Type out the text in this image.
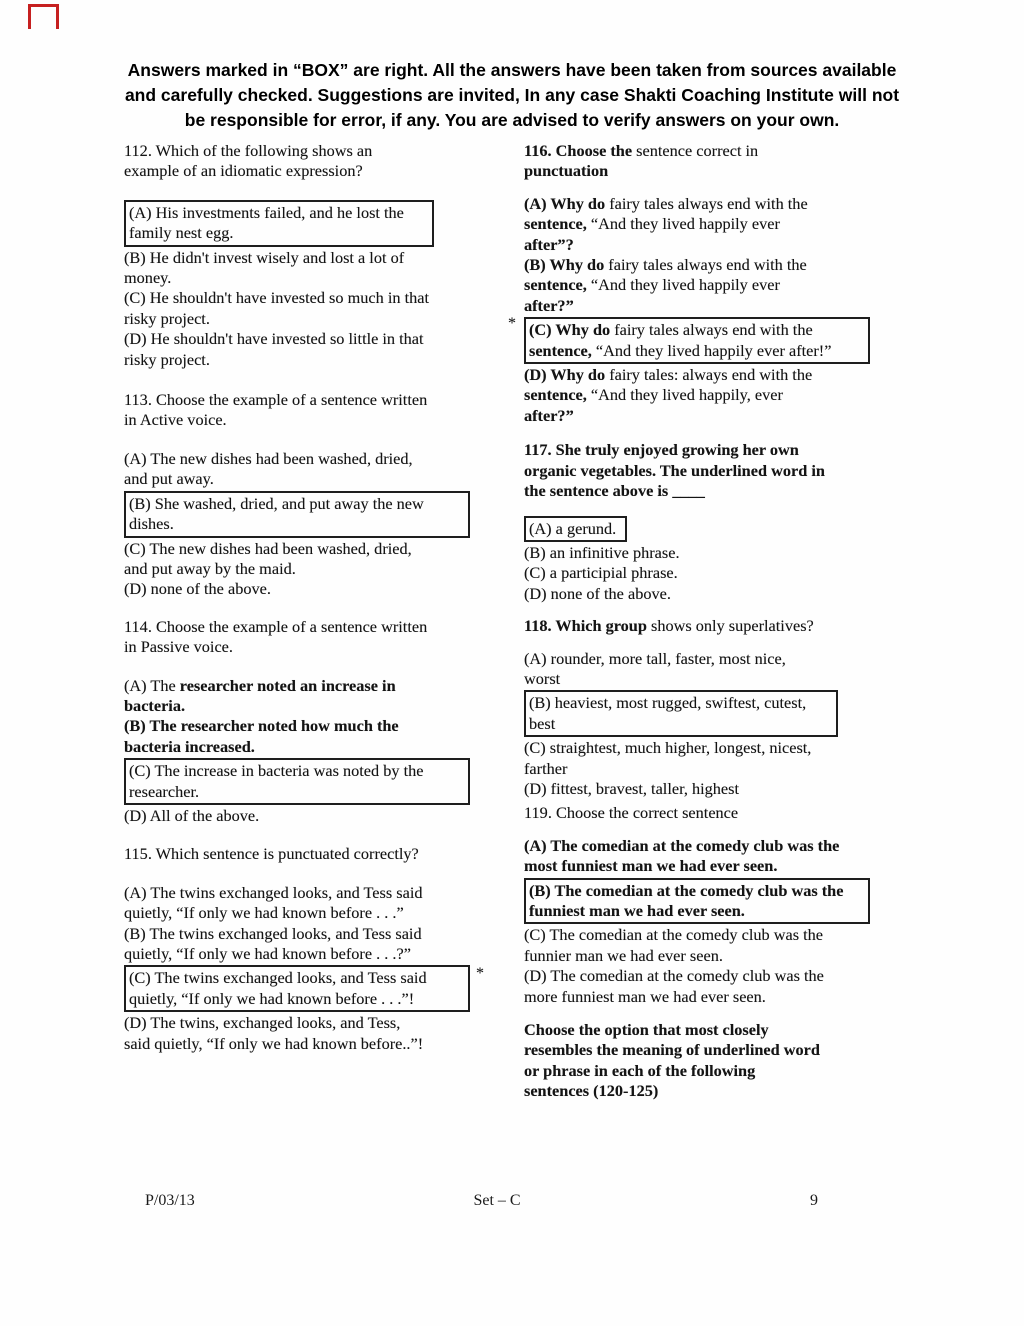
Answers marked in “BOX” are right. All the answers have been taken from sources available
and carefully checked. Suggestions are invited, In any case Shakti Coaching Institute will not
be responsible for error, if any. You are advised to verify answers on your own.
112. Which of the following shows an
example of an idiomatic expression?
(A) His investments failed, and he lost the
family nest egg.
(B) He didn't invest wisely and lost a lot of
money.
(C) He shouldn't have invested so much in that
risky project.
(D) He shouldn't have invested so little in that
risky project.
113. Choose the example of a sentence written
in Active voice.
(A) The new dishes had been washed, dried,
and put away.
(B) She washed, dried, and put away the new
dishes.
(C) The new dishes had been washed, dried,
and put away by the maid.
(D) none of the above.
114. Choose the example of a sentence written
in Passive voice.
(A) The researcher noted an increase in
bacteria.
(B) The researcher noted how much the
bacteria increased.
(C) The increase in bacteria was noted by the
researcher.
(D) All of the above.
115. Which sentence is punctuated correctly?
(A) The twins exchanged looks, and Tess said
quietly, “If only we had known before . . .”
(B) The twins exchanged looks, and Tess said
quietly, “If only we had known before . . .?”
(C) The twins exchanged looks, and Tess said
quietly, “If only we had known before . . .”!
*
(D) The twins, exchanged looks, and Tess,
said quietly, “If only we had known before..”!
116. Choose the sentence correct in
punctuation
(A) Why do fairy tales always end with the
sentence, “And they lived happily ever
after”?
(B) Why do fairy tales always end with the
sentence, “And they lived happily ever
after?”
(C) Why do fairy tales always end with the
sentence, “And they lived happily ever after!”
*
(D) Why do fairy tales: always end with the
sentence, “And they lived happily, ever
after?”
117. She truly enjoyed growing her own
organic vegetables. The underlined word in
the sentence above is ____
(A) a gerund.
(B) an infinitive phrase.
(C) a participial phrase.
(D) none of the above.
118. Which group shows only superlatives?
(A) rounder, more tall, faster, most nice,
worst
(B) heaviest, most rugged, swiftest, cutest,
best
(C) straightest, much higher, longest, nicest,
farther
(D) fittest, bravest, taller, highest
119. Choose the correct sentence
(A) The comedian at the comedy club was the
most funniest man we had ever seen.
(B) The comedian at the comedy club was the
funniest man we had ever seen.
(C) The comedian at the comedy club was the
funnier man we had ever seen.
(D) The comedian at the comedy club was the
more funniest man we had ever seen.
Choose the option that most closely
resembles the meaning of underlined word
or phrase in each of the following
sentences (120-125)
P/03/13	Set – C	9
